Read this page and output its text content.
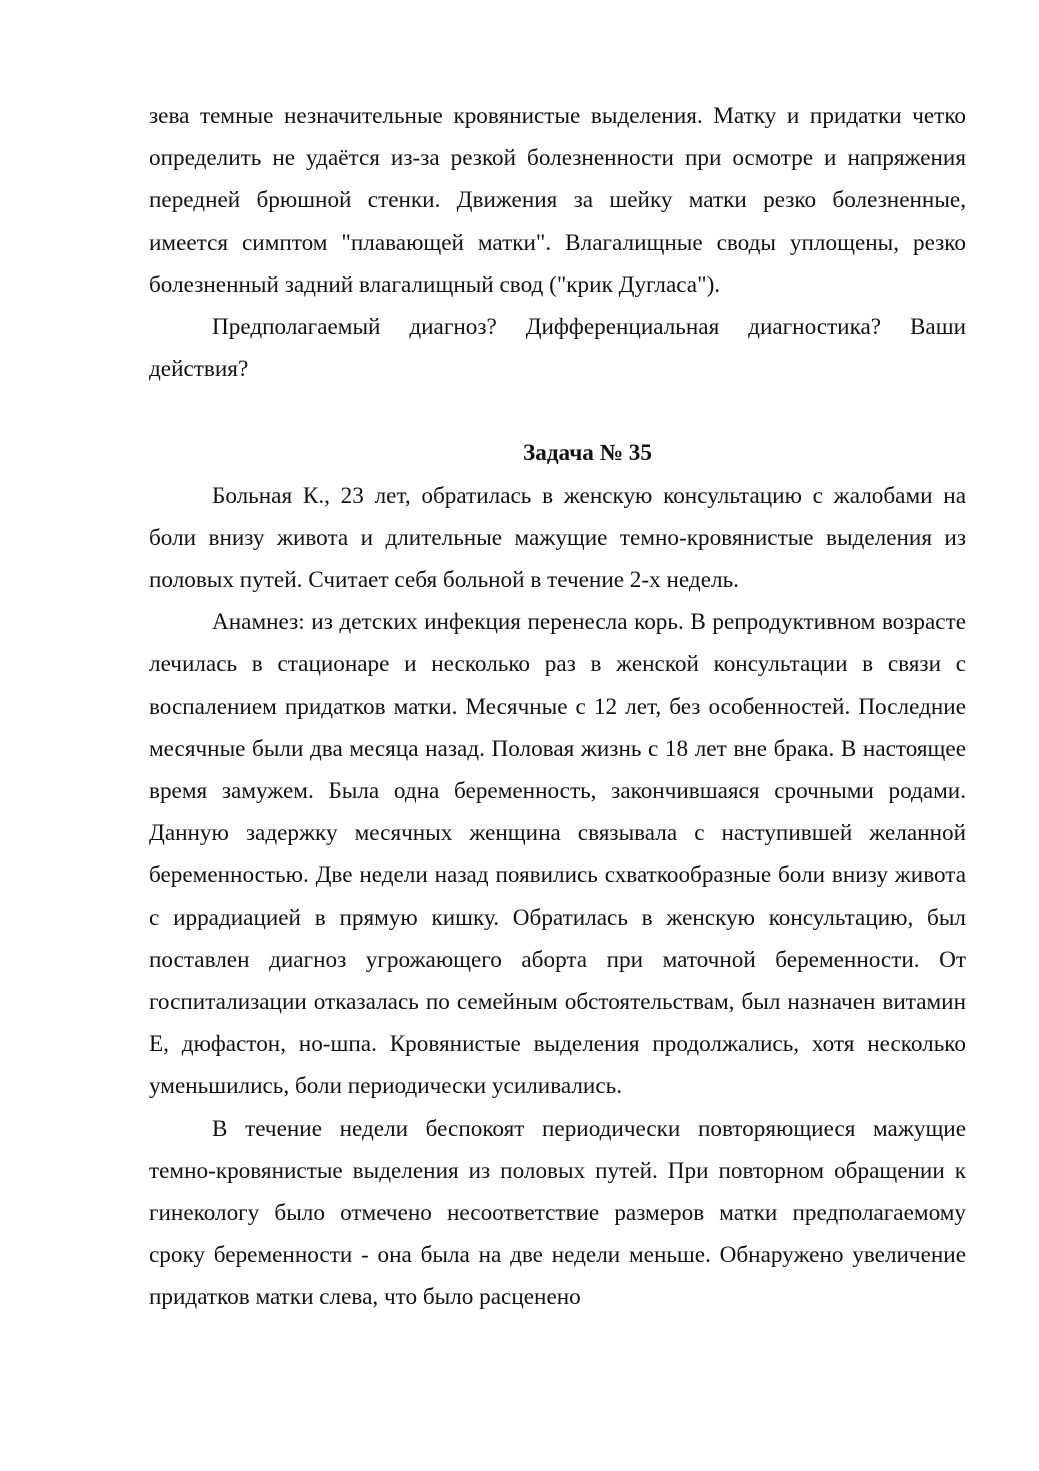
зева темные незначительные кровянистые выделения. Матку и придатки четко определить не удаётся из-за резкой болезненности при осмотре и напряжения передней брюшной стенки. Движения за шейку матки резко болезненные, имеется симптом "плавающей матки". Влагалищные своды уплощены, резко болезненный задний влагалищный свод ("крик Дугласа").

Предполагаемый диагноз? Дифференциальная диагностика? Ваши действия?

Задача № 35

Больная К., 23 лет, обратилась в женскую консультацию с жалобами на боли внизу живота и длительные мажущие темно-кровянистые выделения из половых путей. Считает себя больной в течение 2-х недель.

Анамнез: из детских инфекция перенесла корь. В репродуктивном возрасте лечилась в стационаре и несколько раз в женской консультации в связи с воспалением придатков матки. Месячные с 12 лет, без особенностей. Последние месячные были два месяца назад. Половая жизнь с 18 лет вне брака. В настоящее время замужем. Была одна беременность, закончившаяся срочными родами. Данную задержку месячных женщина связывала с наступившей желанной беременностью. Две недели назад появились схваткообразные боли внизу живота с иррадиацией в прямую кишку. Обратилась в женскую консультацию, был поставлен диагноз угрожающего аборта при маточной беременности. От госпитализации отказалась по семейным обстоятельствам, был назначен витамин Е, дюфастон, но-шпа. Кровянистые выделения продолжались, хотя несколько уменьшились, боли периодически усиливались.

В течение недели беспокоят периодически повторяющиеся мажущие темно-кровянистые выделения из половых путей. При повторном обращении к гинекологу было отмечено несоответствие размеров матки предполагаемому сроку беременности - она была на две недели меньше. Обнаружено увеличение придатков матки слева, что было расценено
